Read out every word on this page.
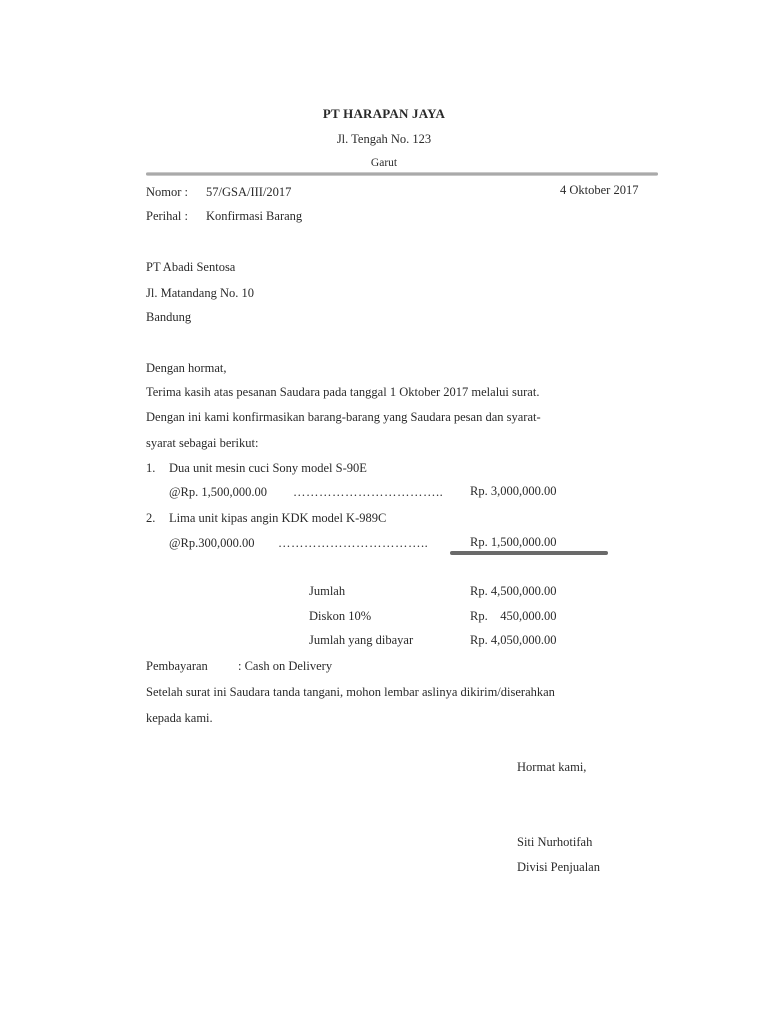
PT HARAPAN JAYA
Jl. Tengah No. 123
Garut
Nomor : 57/GSA/III/2017	4 Oktober 2017
Perihal : Konfirmasi Barang
PT Abadi Sentosa
Jl. Matandang No. 10
Bandung
Dengan hormat,
Terima kasih atas pesanan Saudara pada tanggal 1 Oktober 2017 melalui surat.
Dengan ini kami konfirmasikan barang-barang yang Saudara pesan dan syarat-
syarat sebagai berikut:
1. Dua unit mesin cuci Sony model S-90E
@Rp. 1,500,000.00 …………………………….. Rp. 3,000,000.00
2. Lima unit kipas angin KDK model K-989C
@Rp.300,000.00 ……………………………..	Rp. 1,500,000.00
Jumlah	Rp. 4,500,000.00
Diskon 10%	Rp.    450,000.00
Jumlah yang dibayar	Rp. 4,050,000.00
Pembayaran : Cash on Delivery
Setelah surat ini Saudara tanda tangani, mohon lembar aslinya dikirim/diserahkan
kepada kami.
Hormat kami,
Siti Nurhotifah
Divisi Penjualan
